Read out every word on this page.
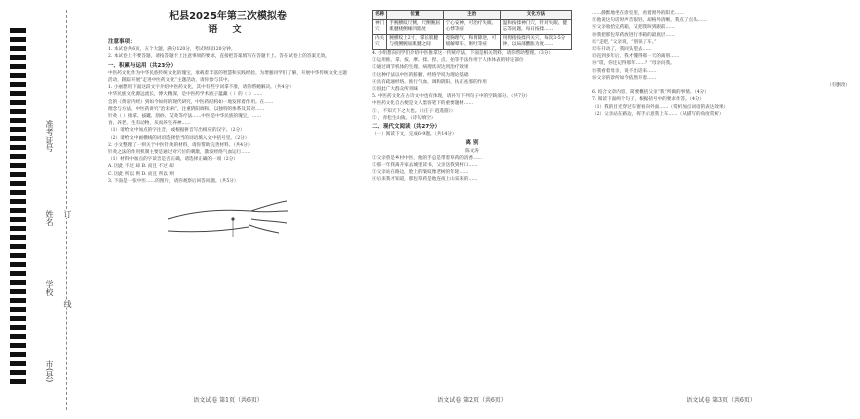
准考证号
姓名
学校
市(县)
订
线
杞县2025年第三次模拟卷
语 文
注意事项：
1. 本试卷共6页，五个大题，满分120分，考试时间120分钟。
2. 本试卷上不要答题，请按答题卡上注意事项的要求，直接把答案填写在答题卡上。答在试卷上的答案无效。
一、积累与运用（共23分）
中医药文化作为中华民族传统文化的瑰宝，承载着丰富的智慧和实践经验。为增强同学们了解，开展中华传统文化主题活动，跟踪开展“走进中医药文化”主题活动，请你参与其中。
1. 小丽想用下面这段文字介绍中医药文化，其中有些字词拿不准，请你帮她解决。（共4分）
中华民族文化源远流长，博大精深，是中医药学术底子蕴藏（ ）的（ ）……
会的《黄帝内经》到如今如何的现代研究，中医药结构如一地发挥着作用。在……
理念与方法，中医药讲究“治未病”，注重阴阳调和，以独特的体系及其对……
针灸（ ）推拿、拔罐、刮痧、艾灸等疗法……中医是中华民族的瑰宝，……
食、养老、生有动物，从而养生养神……
（1）请给文中加点的字注音，或根据拼音写出相应的汉字。（2分）
（2）请给文中画横线的词语选择恰当的词语填入文中括号里。（2分）
2. 小文整理了一则关于中医针灸的材料，请你帮助完善材料。（共4分）
针灸之法的作用机制主要是通过对穴位的刺激，激发经络气血运行……
（1）材料中加点的字读音是否正确，请选择正确的一项（2分）
A. 因此 不过 却 B. 而且 不过 却
C. 因此 所以 则 D. 而且 所以 则
3. 下面是一张中医……的图片，请你观察后回答问题。（共5分）
语文试卷 第1页（共6页）
名称	位置	主治	文化方法
神门穴	手腕横纹尺侧，尺侧腕屈肌腱桡侧缘凹陷处	宁心安神，可治疗失眠、心悸等症	温和按揉神门穴，针对失眠、健忘等问题，每日按揉……
内关穴	腕横纹上2寸，掌长肌腱与桡侧腕屈肌腱之间	宽胸理气，和胃降逆，可缓解晕车、呕吐等症	用拇指按揉内关穴，每次3-5分钟，以局部酸胀为度……
4. 小组想向同学们介绍中医推拿这一传统疗法，下面是相关资料，请你帮助整理。（3分）
①运用推、拿、按、摩、揉、捏、点、拍等手法作用于人体体表的特定部位
②通过调节机体的生理、病理状况达到治疗效果
③这种疗法以中医的脏腑、经络学说为理论基础
④具有疏通经络、推行气血、调和阴阳、扶正祛邪的作用
⑤因此广大群众所青睐
5. 中医药文化在古诗文中也有体现，请补写下列句子中的空缺部分。（共7分）
中医药文化自古便是文人墨客笔下的重要题材……
① ，不知天下之大也。（《庄子·逍遥游》）
② ，青松生山陵。（诗句填空）
二、现代文阅读（共27分）
（一）阅读下文，完成6-9题。（共14分）
离 别
陈文涛
①父亲曾是乡村中医，他的手总是带着草药的清香……
②那一年我离开家去城里读书，父亲送我到村口……
③父亲站在路边，脸上的皱纹像老树的年轮……
④后来我才知道，那包草药是他连夜上山采来的……
语文试卷 第2页（共6页）
……静默地坐在诊室里，看着窗外的阳光……
⑧他说这句话时声音很轻，却格外清晰。我点了点头……
⑨父亲收拾完药箱，又把我叫到跟前……
⑩我把那包草药放进行李箱的最底层……
⑪“走吧，”父亲说，“别误了车。”
⑫车开动了，我回头望去……
⑬直到多年后，我才懂得那一天的离别……
⑭“哎，你还记得那年……？”母亲问我。
⑮我看着母亲，说不出话来……
⑯父亲的诊所如今依然开着……
（有删改）
6. 结合文章内容，简要概括父亲“我”所做的事情。（4分）
7. 阅读下面两个句子，根据括号中的要求作答。（4分）
（1）我的目光穿过车窗看向外面……（赏析加点词语的表达效果）
（2）父亲站在路边，挥手示意我上车……（从描写的角度赏析）
语文试卷 第3页（共6页）
